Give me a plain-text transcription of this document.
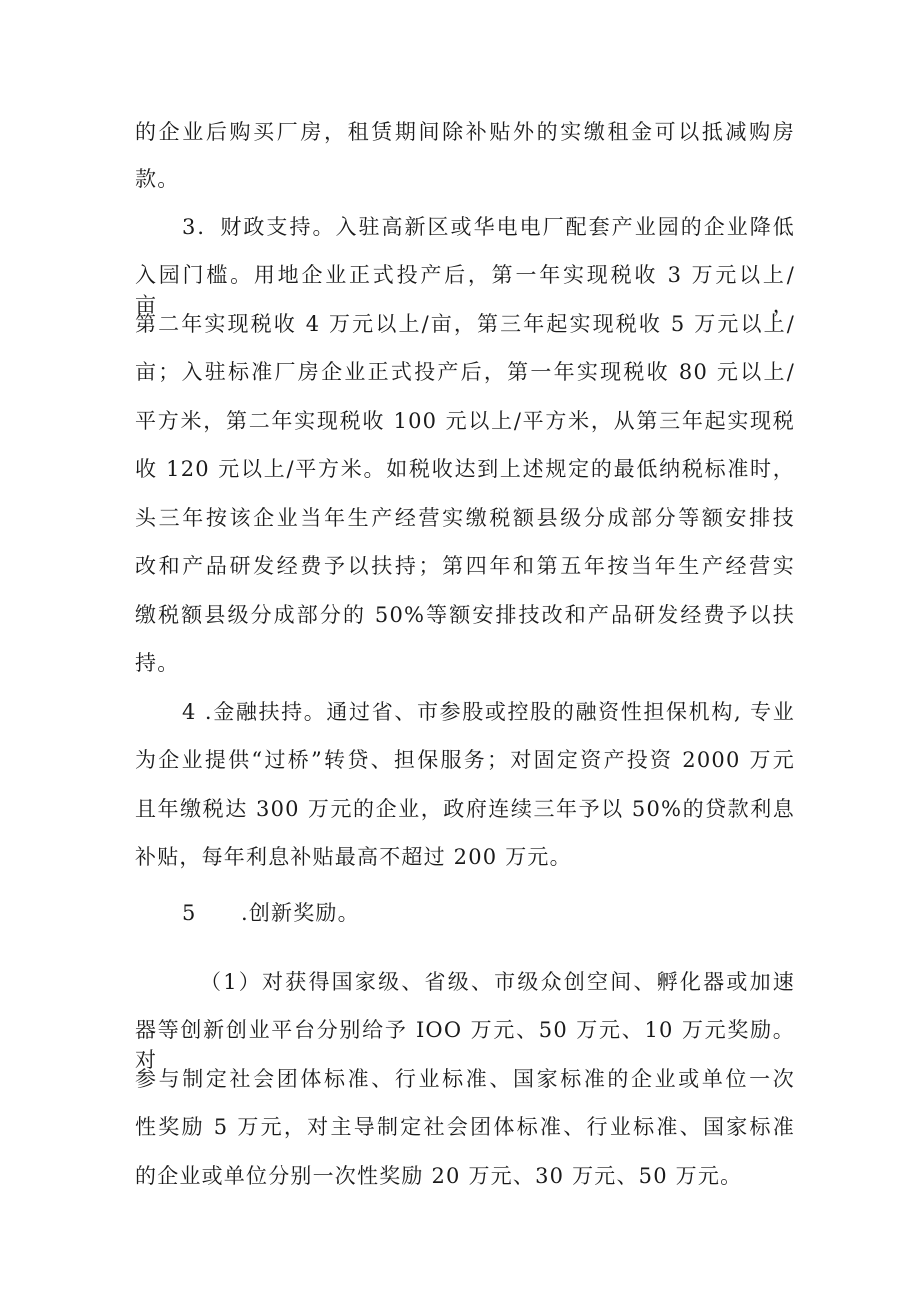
的企业后购买厂房，租赁期间除补贴外的实缴租金可以抵减购房
款。
3．财政支持。入驻高新区或华电电厂配套产业园的企业降低
入园门槛。用地企业正式投产后，第一年实现税收 3 万元以上/亩，
第二年实现税收 4 万元以上/亩，第三年起实现税收 5 万元以上/
亩；入驻标准厂房企业正式投产后，第一年实现税收 80 元以上/
平方米，第二年实现税收 100 元以上/平方米，从第三年起实现税
收 120 元以上/平方米。如税收达到上述规定的最低纳税标准时，
头三年按该企业当年生产经营实缴税额县级分成部分等额安排技
改和产品研发经费予以扶持；第四年和第五年按当年生产经营实
缴税额县级分成部分的 50%等额安排技改和产品研发经费予以扶
持。
4 .金融扶持。通过省、市参股或控股的融资性担保机构, 专业
为企业提供“过桥”转贷、担保服务；对固定资产投资 2000 万元
且年缴税达 300 万元的企业，政府连续三年予以 50%的贷款利息
补贴，每年利息补贴最高不超过 200 万元。
5　　.创新奖励。
（1）对获得国家级、省级、市级众创空间、孵化器或加速
器等创新创业平台分别给予 IOO 万元、50 万元、10 万元奖励。对
参与制定社会团体标准、行业标准、国家标准的企业或单位一次
性奖励 5 万元，对主导制定社会团体标准、行业标准、国家标准
的企业或单位分别一次性奖励 20 万元、30 万元、50 万元。
